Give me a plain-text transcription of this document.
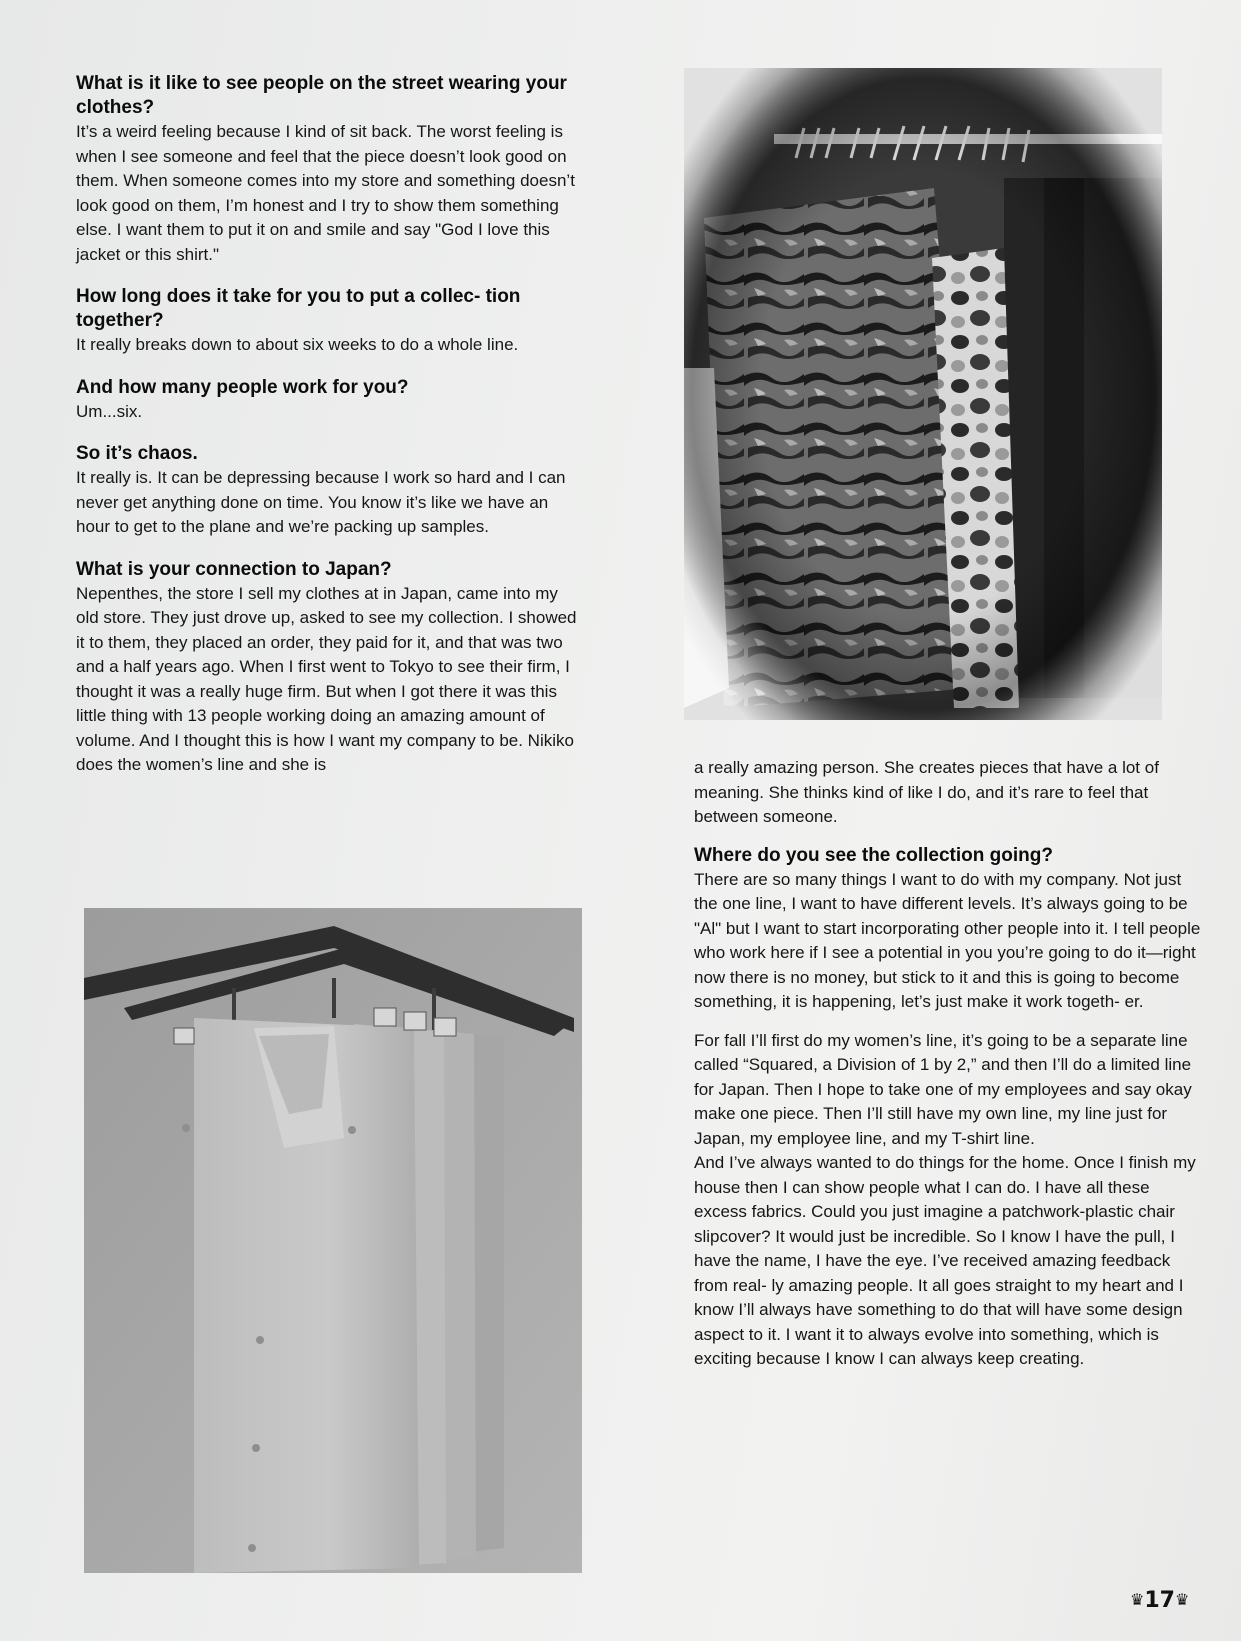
What is it like to see people on the street wearing your clothes?

It’s a weird feeling because I kind of sit back. The worst feeling is when I see someone and feel that the piece doesn’t look good on them. When someone comes into my store and something doesn’t look good on them, I’m honest and I try to show them something else. I want them to put it on and smile and say "God I love this jacket or this shirt."

How long does it take for you to put a collec- tion together?

It really breaks down to about six weeks to do a whole line.

And how many people work for you?

Um...six.

So it’s chaos.

It really is. It can be depressing because I work so hard and I can never get anything done on time. You know it’s like we have an hour to get to the plane and we’re packing up samples.

What is your connection to Japan?

Nepenthes, the store I sell my clothes at in Japan, came into my old store. They just drove up, asked to see my collection. I showed it to them, they placed an order, they paid for it, and that was two and a half years ago. When I first went to Tokyo to see their firm, I thought it was a really huge firm. But when I got there it was this little thing with 13 people working doing an amazing amount of volume. And I thought this is how I want my company to be. Nikiko does the women’s line and she is	a really amazing person. She creates pieces that have a lot of meaning. She thinks kind of like I do, and it’s rare to feel that between someone.

Where do you see the collection going?

There are so many things I want to do with my company. Not just the one line, I want to have different levels. It’s always going to be "Al" but I want to start incorporating other people into it. I tell people who work here if I see a potential in you you’re going to do it—right now there is no money, but stick to it and this is going to become something, it is happening, let’s just make it work togeth- er.

For fall I’ll first do my women’s line, it’s going to be a separate line called “Squared, a Division of 1 by 2,” and then I’ll do a limited line for Japan. Then I hope to take one of my employees and say okay make one piece. Then I’ll still have my own line, my line just for Japan, my employee line, and my T-shirt line.

And I’ve always wanted to do things for the home. Once I finish my house then I can show people what I can do. I have all these excess fabrics. Could you just imagine a patchwork-plastic chair slipcover? It would just be incredible. So I know I have the pull, I have the name, I have the eye. I’ve received amazing feedback from real- ly amazing people. It all goes straight to my heart and I know I’ll always have something to do that will have some design aspect to it. I want it to always evolve into something, which is exciting because I know I can always keep creating.

♛17♛
